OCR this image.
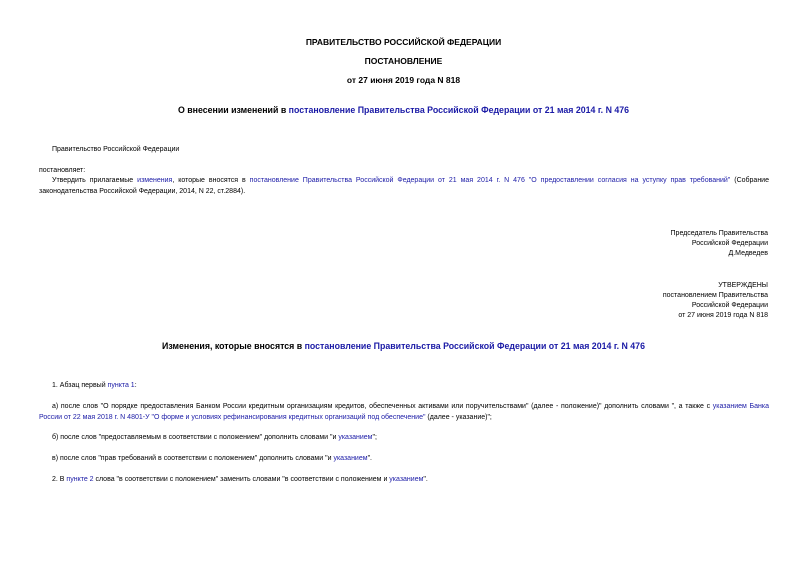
ПРАВИТЕЛЬСТВО РОССИЙСКОЙ ФЕДЕРАЦИИ
ПОСТАНОВЛЕНИЕ
от 27 июня 2019 года N 818
О внесении изменений в постановление Правительства Российской Федерации от 21 мая 2014 г. N 476
Правительство Российской Федерации
постановляет:
Утвердить прилагаемые изменения, которые вносятся в постановление Правительства Российской Федерации от 21 мая 2014 г. N 476 "О предоставлении согласия на уступку прав требований" (Собрание законодательства Российской Федерации, 2014, N 22, ст.2884).
Председатель Правительства
Российской Федерации
Д.Медведев
УТВЕРЖДЕНЫ
постановлением Правительства
Российской Федерации
от 27 июня 2019 года N 818
Изменения, которые вносятся в постановление Правительства Российской Федерации от 21 мая 2014 г. N 476
1. Абзац первый пункта 1:
а) после слов "О порядке предоставления Банком России кредитным организациям кредитов, обеспеченных активами или поручительствами" (далее - положение)" дополнить словами ", а также с указанием Банка России от 22 мая 2018 г. N 4801-У "О форме и условиях рефинансирования кредитных организаций под обеспечение" (далее - указание)";
б) после слов "предоставляемым в соответствии с положением" дополнить словами "и указанием";
в) после слов "прав требований в соответствии с положением" дополнить словами "и указанием".
2. В пункте 2 слова "в соответствии с положением" заменить словами "в соответствии с положением и указанием".
